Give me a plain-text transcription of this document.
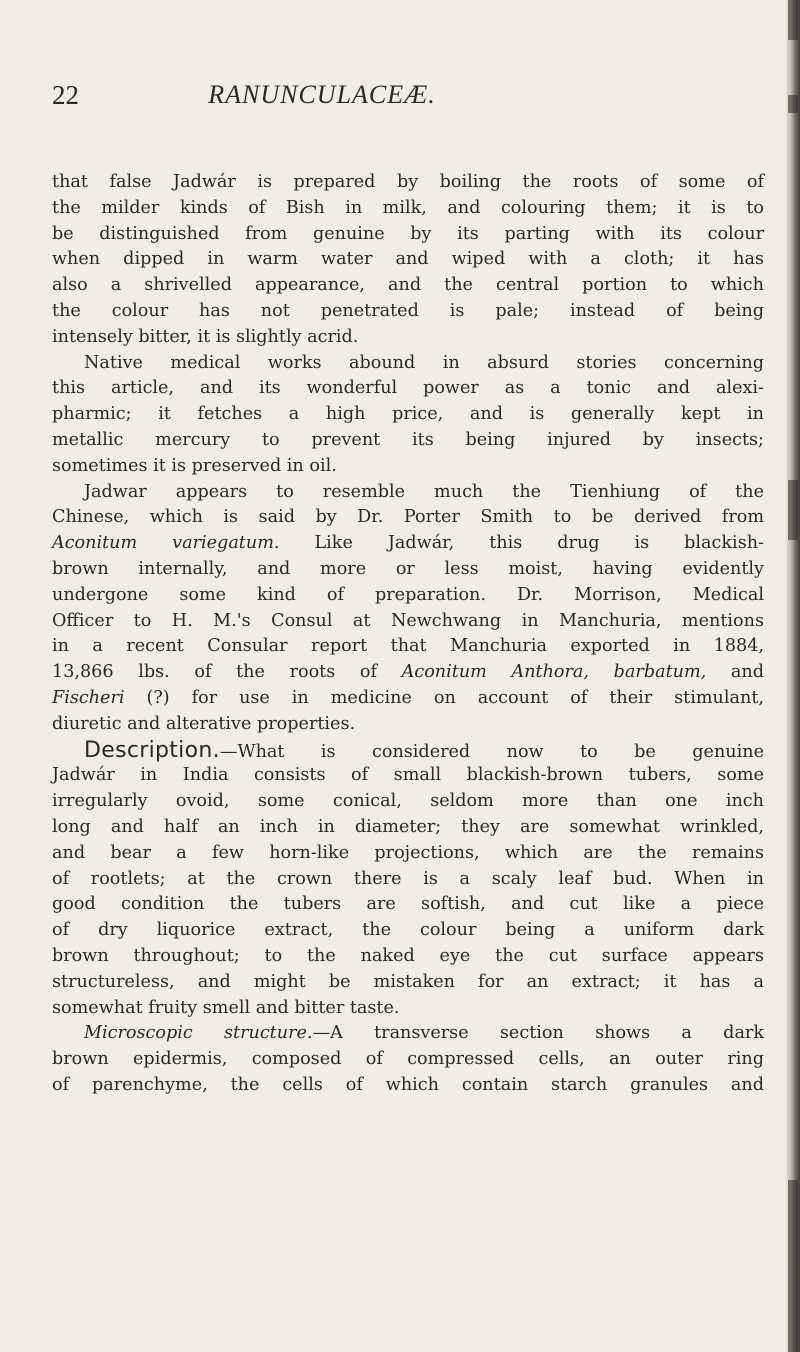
22	RANUNCULACEÆ.
that false Jadwár is prepared by boiling the roots of some of
the milder kinds of Bish in milk, and colouring them; it is to
be distinguished from genuine by its parting with its colour
when dipped in warm water and wiped with a cloth; it has
also a shrivelled appearance, and the central portion to which
the colour has not penetrated is pale; instead of being
intensely bitter, it is slightly acrid.
Native medical works abound in absurd stories concerning
this article, and its wonderful power as a tonic and alexi-
pharmic; it fetches a high price, and is generally kept in
metallic mercury to prevent its being injured by insects;
sometimes it is preserved in oil.
Jadwar appears to resemble much the Tienhiung of the
Chinese, which is said by Dr. Porter Smith to be derived from
Aconitum variegatum. Like Jadwár, this drug is blackish-
brown internally, and more or less moist, having evidently
undergone some kind of preparation. Dr. Morrison, Medical
Officer to H. M.'s Consul at Newchwang in Manchuria, mentions
in a recent Consular report that Manchuria exported in 1884,
13,866 lbs. of the roots of Aconitum Anthora, barbatum, and
Fischeri (?) for use in medicine on account of their stimulant,
diuretic and alterative properties.
Description.—What is considered now to be genuine
Jadwár in India consists of small blackish-brown tubers, some
irregularly ovoid, some conical, seldom more than one inch
long and half an inch in diameter; they are somewhat wrinkled,
and bear a few horn-like projections, which are the remains
of rootlets; at the crown there is a scaly leaf bud. When in
good condition the tubers are softish, and cut like a piece
of dry liquorice extract, the colour being a uniform dark
brown throughout; to the naked eye the cut surface appears
structureless, and might be mistaken for an extract; it has a
somewhat fruity smell and bitter taste.
Microscopic structure.—A transverse section shows a dark
brown epidermis, composed of compressed cells, an outer ring
of parenchyme, the cells of which contain starch granules and
